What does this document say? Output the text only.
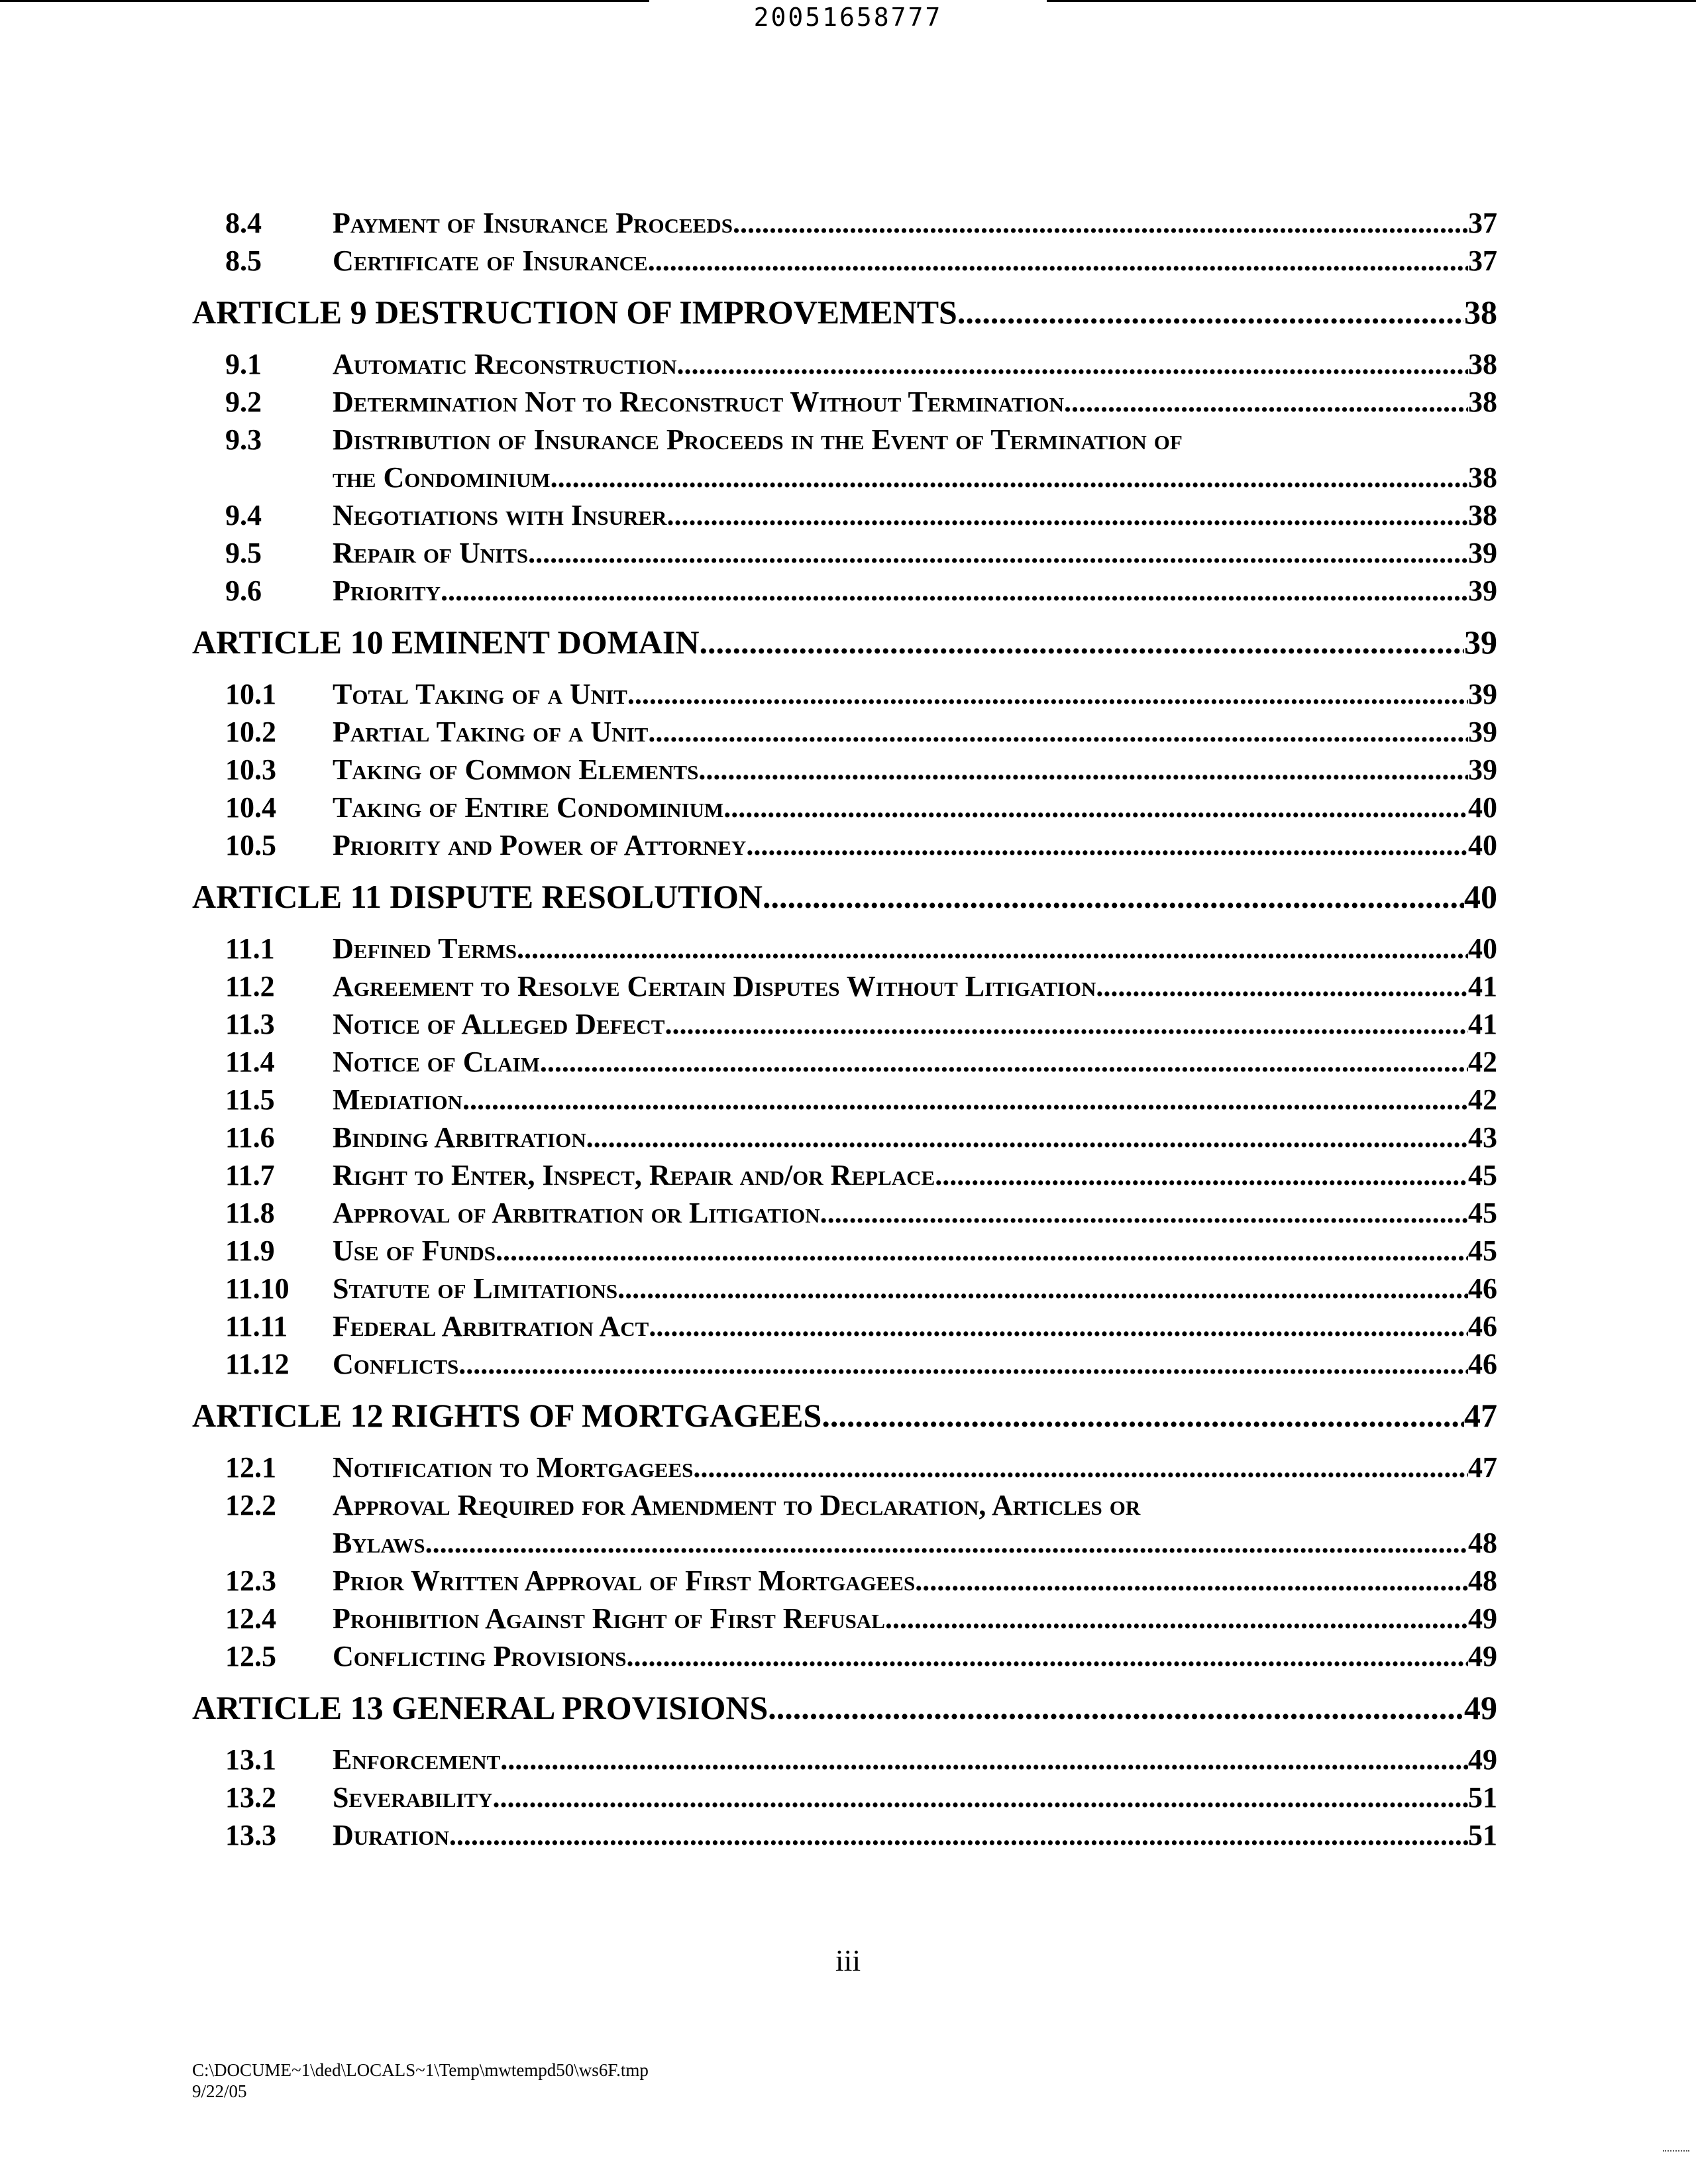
20051658777
8.4	Payment of Insurance Proceeds .....	37
8.5	Certificate of Insurance .....	37
ARTICLE 9 DESTRUCTION OF IMPROVEMENTS .....	38
9.1	Automatic Reconstruction .....	38
9.2	Determination Not to Reconstruct Without Termination .....	38
9.3	Distribution of Insurance Proceeds in the Event of Termination of
the Condominium .....	38
9.4	Negotiations with Insurer .....	38
9.5	Repair of Units .....	39
9.6	Priority .....	39
ARTICLE 10 EMINENT DOMAIN .....	39
10.1	Total Taking of a Unit .....	39
10.2	Partial Taking of a Unit .....	39
10.3	Taking of Common Elements .....	39
10.4	Taking of Entire Condominium .....	40
10.5	Priority and Power of Attorney .....	40
ARTICLE 11 DISPUTE RESOLUTION .....	40
11.1	Defined Terms .....	40
11.2	Agreement to Resolve Certain Disputes Without Litigation .....	41
11.3	Notice of Alleged Defect .....	41
11.4	Notice of Claim .....	42
11.5	Mediation .....	42
11.6	Binding Arbitration .....	43
11.7	Right to Enter, Inspect, Repair and/or Replace .....	45
11.8	Approval of Arbitration or Litigation .....	45
11.9	Use of Funds .....	45
11.10	Statute of Limitations .....	46
11.11	Federal Arbitration Act .....	46
11.12	Conflicts .....	46
ARTICLE 12 RIGHTS OF MORTGAGEES .....	47
12.1	Notification to Mortgagees .....	47
12.2	Approval Required for Amendment to Declaration, Articles or
Bylaws .....	48
12.3	Prior Written Approval of First Mortgagees .....	48
12.4	Prohibition Against Right of First Refusal .....	49
12.5	Conflicting Provisions .....	49
ARTICLE 13 GENERAL PROVISIONS .....	49
13.1	Enforcement .....	49
13.2	Severability .....	51
13.3	Duration .....	51
iii
C:\DOCUME~1\ded\LOCALS~1\Temp\mwtempd50\ws6F.tmp
9/22/05
